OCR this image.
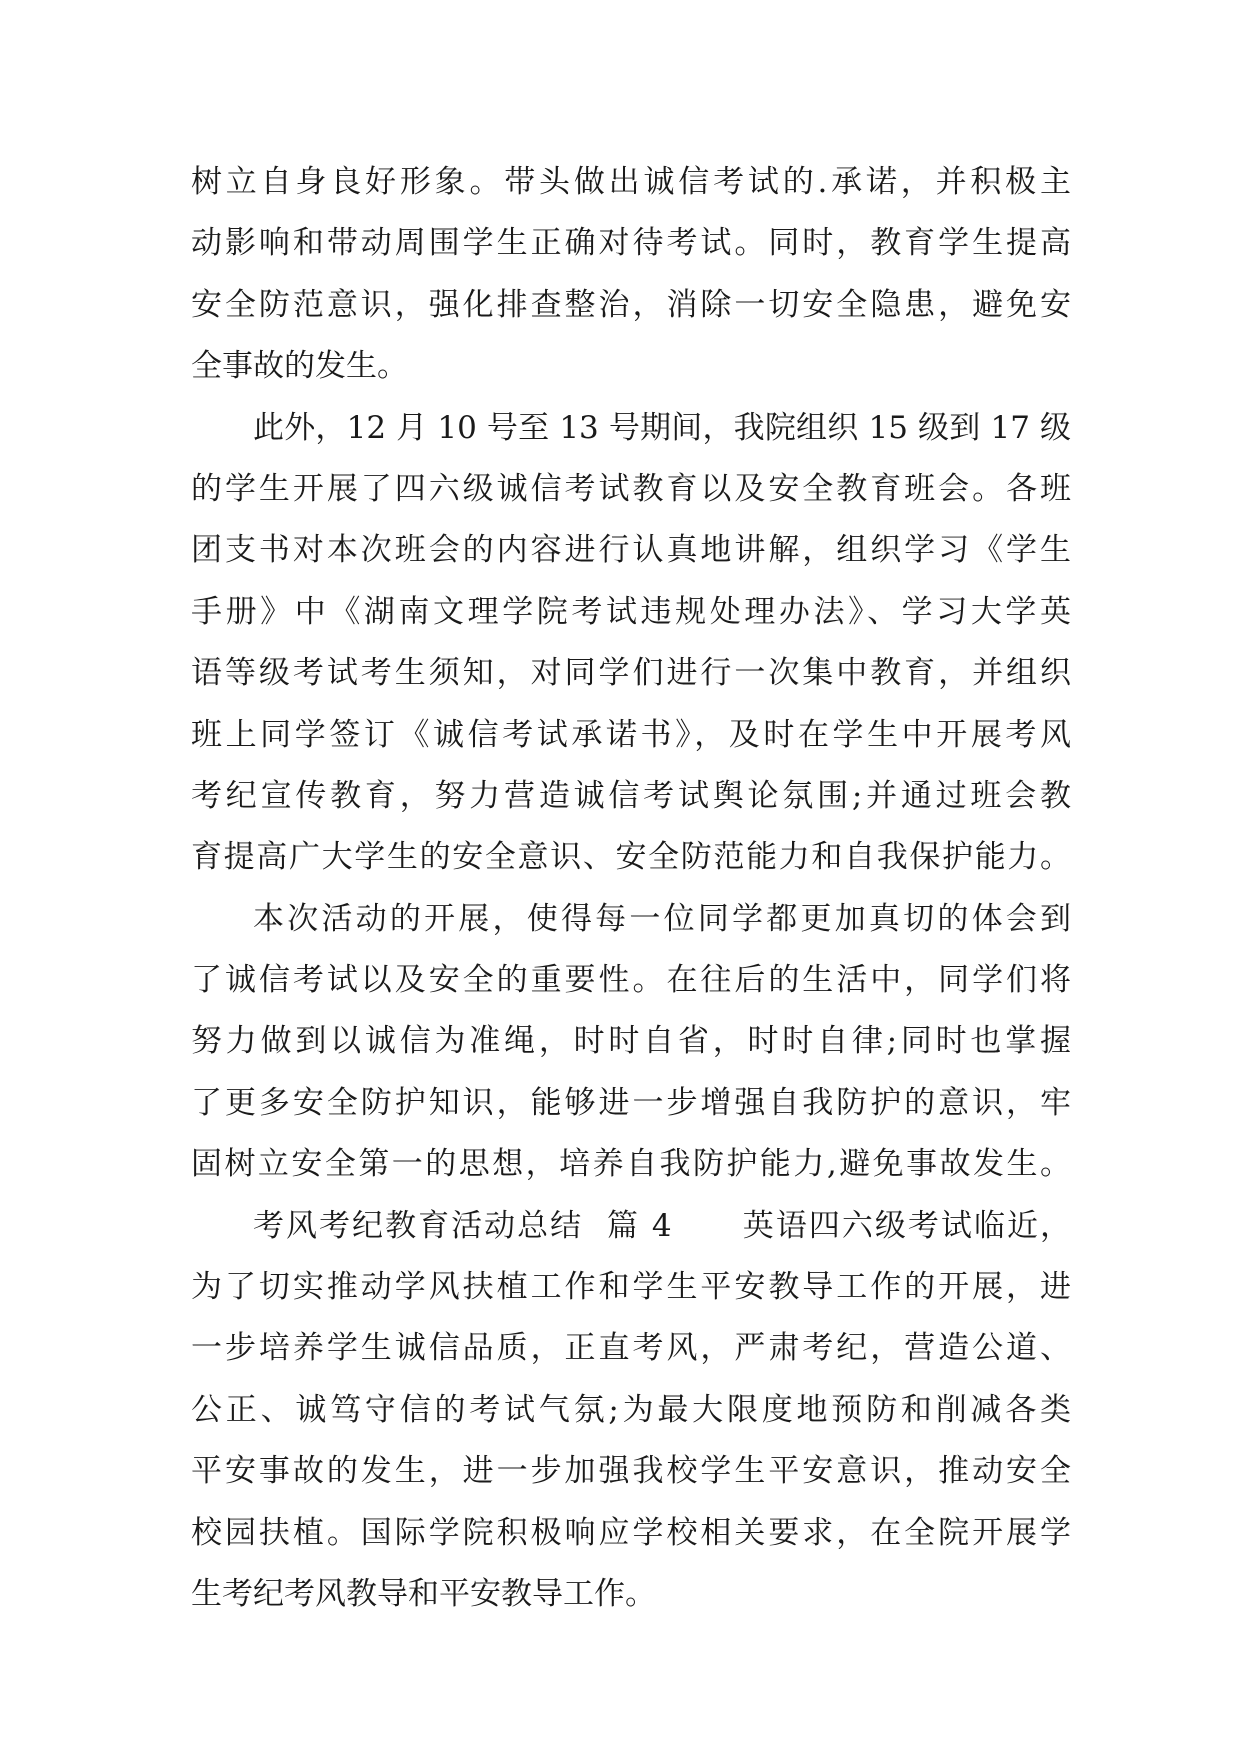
树立自身良好形象。带头做出诚信考试的.承诺，并积极主
动影响和带动周围学生正确对待考试。同时，教育学生提高
安全防范意识，强化排查整治，消除一切安全隐患，避免安
全事故的发生。
此外，12 月 10 号至 13 号期间，我院组织 15 级到 17 级
的学生开展了四六级诚信考试教育以及安全教育班会。各班
团支书对本次班会的内容进行认真地讲解，组织学习《学生
手册》中《湖南文理学院考试违规处理办法》、学习大学英
语等级考试考生须知，对同学们进行一次集中教育，并组织
班上同学签订《诚信考试承诺书》，及时在学生中开展考风
考纪宣传教育，努力营造诚信考试舆论氛围;并通过班会教
育提高广大学生的安全意识、安全防范能力和自我保护能力。
本次活动的开展，使得每一位同学都更加真切的体会到
了诚信考试以及安全的重要性。在往后的生活中，同学们将
努力做到以诚信为准绳，时时自省，时时自律;同时也掌握
了更多安全防护知识，能够进一步增强自我防护的意识，牢
固树立安全第一的思想，培养自我防护能力,避免事故发生。
考风考纪教育活动总结  篇 4      英语四六级考试临近，
为了切实推动学风扶植工作和学生平安教导工作的开展，进
一步培养学生诚信品质，正直考风，严肃考纪，营造公道、
公正、诚笃守信的考试气氛;为最大限度地预防和削减各类
平安事故的发生，进一步加强我校学生平安意识，推动安全
校园扶植。国际学院积极响应学校相关要求，在全院开展学
生考纪考风教导和平安教导工作。
